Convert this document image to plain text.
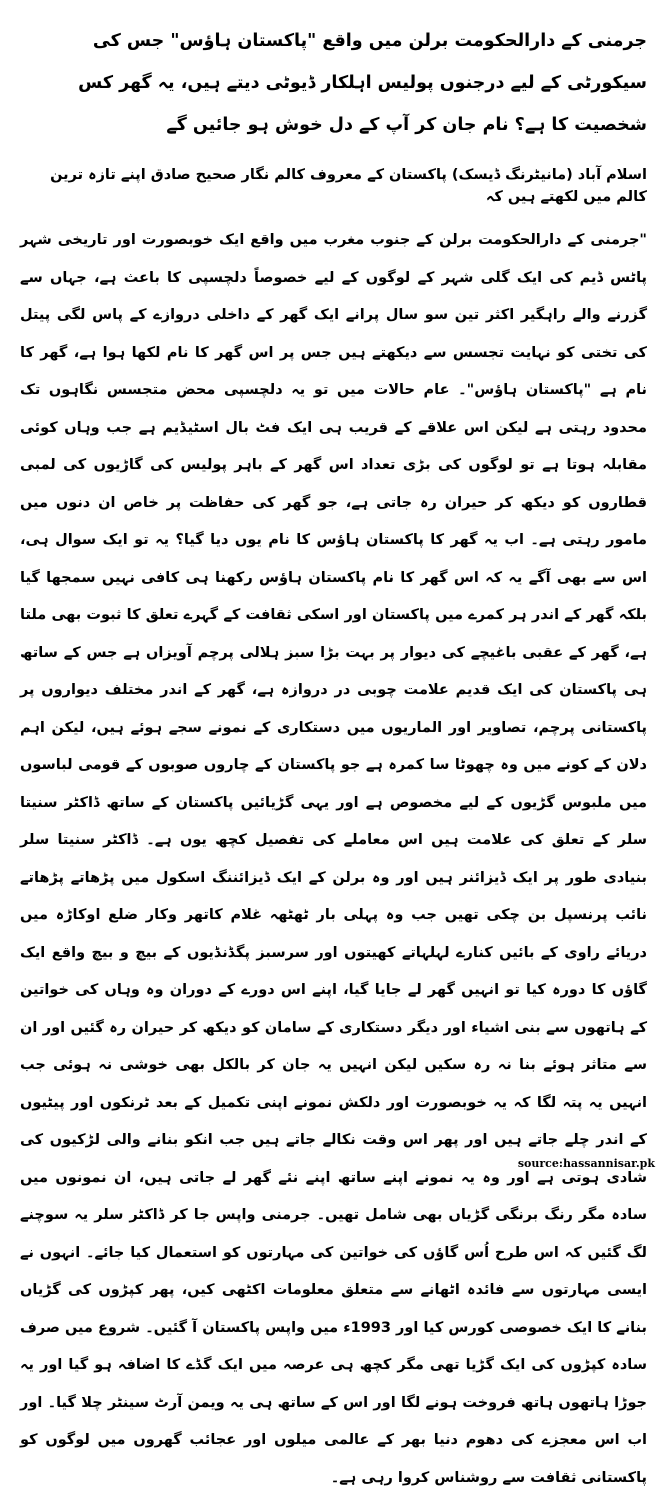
جرمنی کے دارالحکومت برلن میں واقع "پاکستان ہاؤس" جس کی سیکورٹی کے لیے درجنوں پولیس اہلکار ڈیوٹی دیتے ہیں، یہ گھر کس شخصیت کا ہے؟ نام جان کر آپ کے دل خوش ہو جائیں گے

اسلام آباد (مانیٹرنگ ڈیسک) پاکستان کے معروف کالم نگار صحیح صادق اپنے تازہ ترین کالم میں لکھتے ہیں کہ

"جرمنی کے دارالحکومت برلن کے جنوب مغرب میں واقع ایک خوبصورت اور تاریخی شہر پاٹس ڈیم کی ایک گلی شہر کے لوگوں کے لیے خصوصاً دلچسپی کا باعث ہے، جہاں سے گزرنے والے راہگیر اکثر تین سو سال پرانے ایک گھر کے داخلی دروازے کے پاس لگی پیتل کی تختی کو نہایت تجسس سے دیکھتے ہیں جس پر اس گھر کا نام لکھا ہوا ہے، گھر کا نام ہے "پاکستان ہاؤس"۔ عام حالات میں تو یہ دلچسپی محض متجسس نگاہوں تک محدود رہتی ہے لیکن اس علاقے کے قریب ہی ایک فٹ بال اسٹیڈیم ہے جب وہاں کوئی مقابلہ ہوتا ہے تو لوگوں کی بڑی تعداد اس گھر کے باہر پولیس کی گاڑیوں کی لمبی قطاروں کو دیکھ کر حیران رہ جاتی ہے، جو گھر کی حفاظت پر خاص ان دنوں میں مامور رہتی ہے۔ اب یہ گھر کا پاکستان ہاؤس کا نام یوں دیا گیا؟ یہ تو ایک سوال ہی، اس سے بھی آگے یہ کہ اس گھر کا نام پاکستان ہاؤس رکھنا ہی کافی نہیں سمجھا گیا بلکہ گھر کے اندر ہر کمرے میں پاکستان اور اسکی ثقافت کے گہرے تعلق کا ثبوت بھی ملتا ہے، گھر کے عقبی باغیچے کی دیوار پر بہت بڑا سبز ہلالی پرچم آویزاں ہے جس کے ساتھ ہی پاکستان کی ایک قدیم علامت چوبی در دروازہ ہے، گھر کے اندر مختلف دیواروں پر پاکستانی پرچم، تصاویر اور الماریوں میں دستکاری کے نمونے سجے ہوئے ہیں، لیکن اہم دلان کے کونے میں وہ چھوٹا سا کمرہ ہے جو پاکستان کے چاروں صوبوں کے قومی لباسوں میں ملبوس گڑیوں کے لیے مخصوص ہے اور یہی گڑیائیں پاکستان کے ساتھ ڈاکٹر سنیتا سلر کے تعلق کی علامت ہیں اس معاملے کی تفصیل کچھ یوں ہے۔ ڈاکٹر سنیتا سلر بنیادی طور پر ایک ڈیزائنر ہیں اور وہ برلن کے ایک ڈیزائننگ اسکول میں پڑھاتے پڑھاتے نائب پرنسپل بن چکی تھیں جب وہ پہلی بار ٹھٹھہ غلام کاتھر وکار ضلع اوکاڑہ میں دریائے راوی کے بائیں کنارے لہلہاتے کھیتوں اور سرسبز پگڈنڈیوں کے بیچ و بیچ واقع ایک گاؤں کا دورہ کیا تو انہیں گھر لے جایا گیا، اپنے اس دورے کے دوران وہ وہاں کی خواتین کے ہاتھوں سے بنی اشیاء اور دیگر دستکاری کے سامان کو دیکھ کر حیران رہ گئیں اور ان سے متاثر ہوئے بنا نہ رہ سکیں لیکن انہیں یہ جان کر بالکل بھی خوشی نہ ہوئی جب انہیں یہ پتہ لگا کہ یہ خوبصورت اور دلکش نمونے اپنی تکمیل کے بعد ٹرنکوں اور پیٹیوں کے اندر چلے جاتے ہیں اور پھر اس وقت نکالے جاتے ہیں جب انکو بنانے والی لڑکیوں کی شادی ہوتی ہے اور وہ یہ نمونے اپنے ساتھ اپنے نئے گھر لے جاتی ہیں، ان نمونوں میں سادہ مگر رنگ برنگی گڑیاں بھی شامل تھیں۔ جرمنی واپس جا کر ڈاکٹر سلر یہ سوچنے لگ گئیں کہ اس طرح اُس گاؤں کی خواتین کی مہارتوں کو استعمال کیا جائے۔ انہوں نے ایسی مہارتوں سے فائدہ اٹھانے سے متعلق معلومات اکٹھی کیں، پھر کپڑوں کی گڑیاں بنانے کا ایک خصوصی کورس کیا اور 1993ء میں واپس پاکستان آ گئیں۔ شروع میں صرف سادہ کپڑوں کی ایک گڑیا تھی مگر کچھ ہی عرصہ میں ایک گڈے کا اضافہ ہو گیا اور یہ جوڑا ہاتھوں ہاتھ فروخت ہونے لگا اور اس کے ساتھ ہی یہ ویمن آرٹ سینٹر چلا گیا۔ اور اب اس معجزے کی دھوم دنیا بھر کے عالمی میلوں اور عجائب گھروں میں لوگوں کو پاکستانی ثقافت سے روشناس کروا رہی ہے۔

source:hassannisar.pk
